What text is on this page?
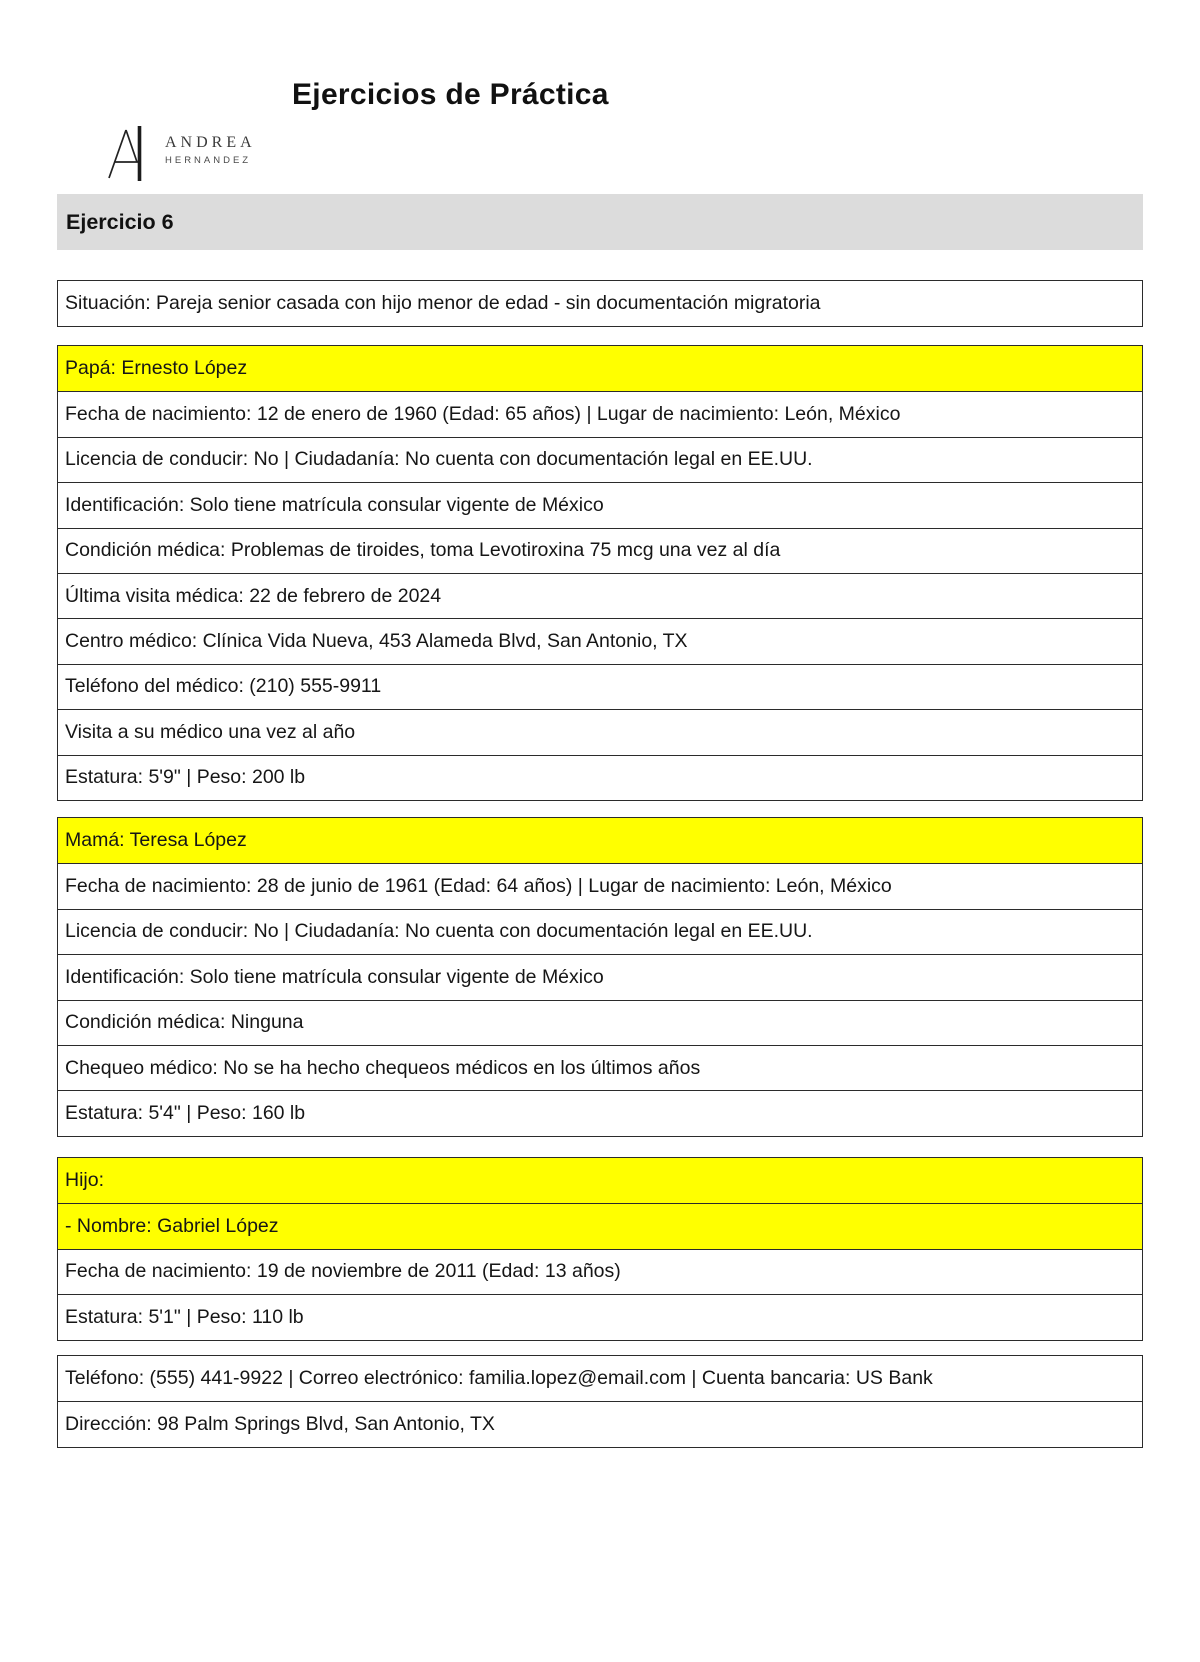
Ejercicios de Práctica
ANDREA
HERNANDEZ
Ejercicio 6
Situación: Pareja senior casada con hijo menor de edad - sin documentación migratoria
Papá: Ernesto López
Fecha de nacimiento: 12 de enero de 1960 (Edad: 65 años) | Lugar de nacimiento: León, México
Licencia de conducir: No | Ciudadanía: No cuenta con documentación legal en EE.UU.
Identificación: Solo tiene matrícula consular vigente de México
Condición médica: Problemas de tiroides, toma Levotiroxina 75 mcg una vez al día
Última visita médica: 22 de febrero de 2024
Centro médico: Clínica Vida Nueva, 453 Alameda Blvd, San Antonio, TX
Teléfono del médico: (210) 555-9911
Visita a su médico una vez al año
Estatura: 5'9" | Peso: 200 lb
Mamá: Teresa López
Fecha de nacimiento: 28 de junio de 1961 (Edad: 64 años) | Lugar de nacimiento: León, México
Licencia de conducir: No | Ciudadanía: No cuenta con documentación legal en EE.UU.
Identificación: Solo tiene matrícula consular vigente de México
Condición médica: Ninguna
Chequeo médico: No se ha hecho chequeos médicos en los últimos años
Estatura: 5'4" | Peso: 160 lb
Hijo:
- Nombre: Gabriel López
Fecha de nacimiento: 19 de noviembre de 2011 (Edad: 13 años)
Estatura: 5'1" | Peso: 110 lb
Teléfono: (555) 441-9922 | Correo electrónico: familia.lopez@email.com | Cuenta bancaria: US Bank
Dirección: 98 Palm Springs Blvd, San Antonio, TX
